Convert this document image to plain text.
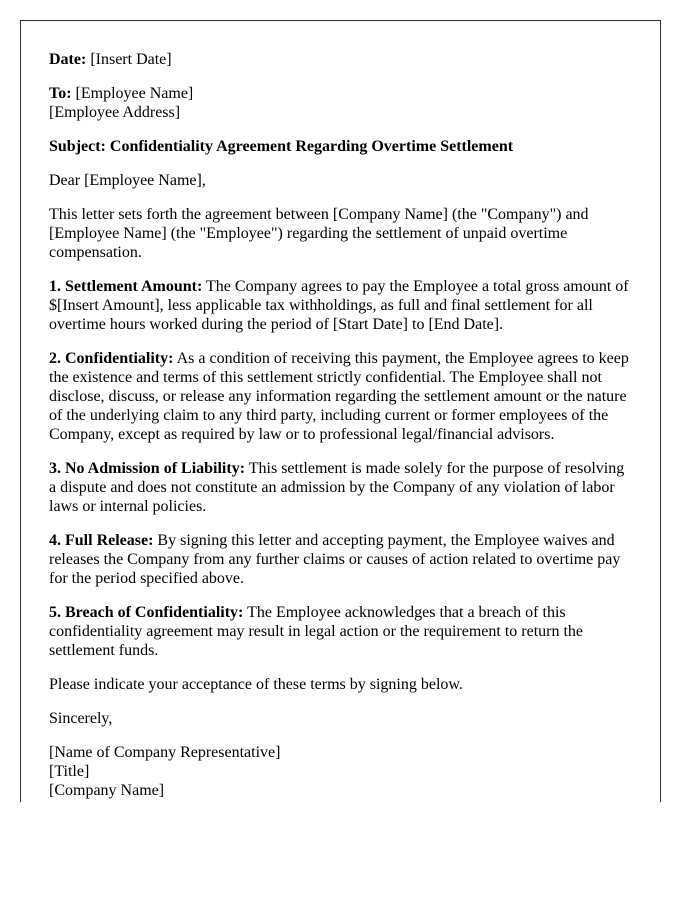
Date: [Insert Date]

To: [Employee Name]
[Employee Address]

Subject: Confidentiality Agreement Regarding Overtime Settlement

Dear [Employee Name],

This letter sets forth the agreement between [Company Name] (the "Company") and [Employee Name] (the "Employee") regarding the settlement of unpaid overtime compensation.

1. Settlement Amount: The Company agrees to pay the Employee a total gross amount of $[Insert Amount], less applicable tax withholdings, as full and final settlement for all overtime hours worked during the period of [Start Date] to [End Date].

2. Confidentiality: As a condition of receiving this payment, the Employee agrees to keep the existence and terms of this settlement strictly confidential. The Employee shall not disclose, discuss, or release any information regarding the settlement amount or the nature of the underlying claim to any third party, including current or former employees of the Company, except as required by law or to professional legal/financial advisors.

3. No Admission of Liability: This settlement is made solely for the purpose of resolving a dispute and does not constitute an admission by the Company of any violation of labor laws or internal policies.

4. Full Release: By signing this letter and accepting payment, the Employee waives and releases the Company from any further claims or causes of action related to overtime pay for the period specified above.

5. Breach of Confidentiality: The Employee acknowledges that a breach of this confidentiality agreement may result in legal action or the requirement to return the settlement funds.

Please indicate your acceptance of these terms by signing below.

Sincerely,

[Name of Company Representative]
[Title]
[Company Name]
